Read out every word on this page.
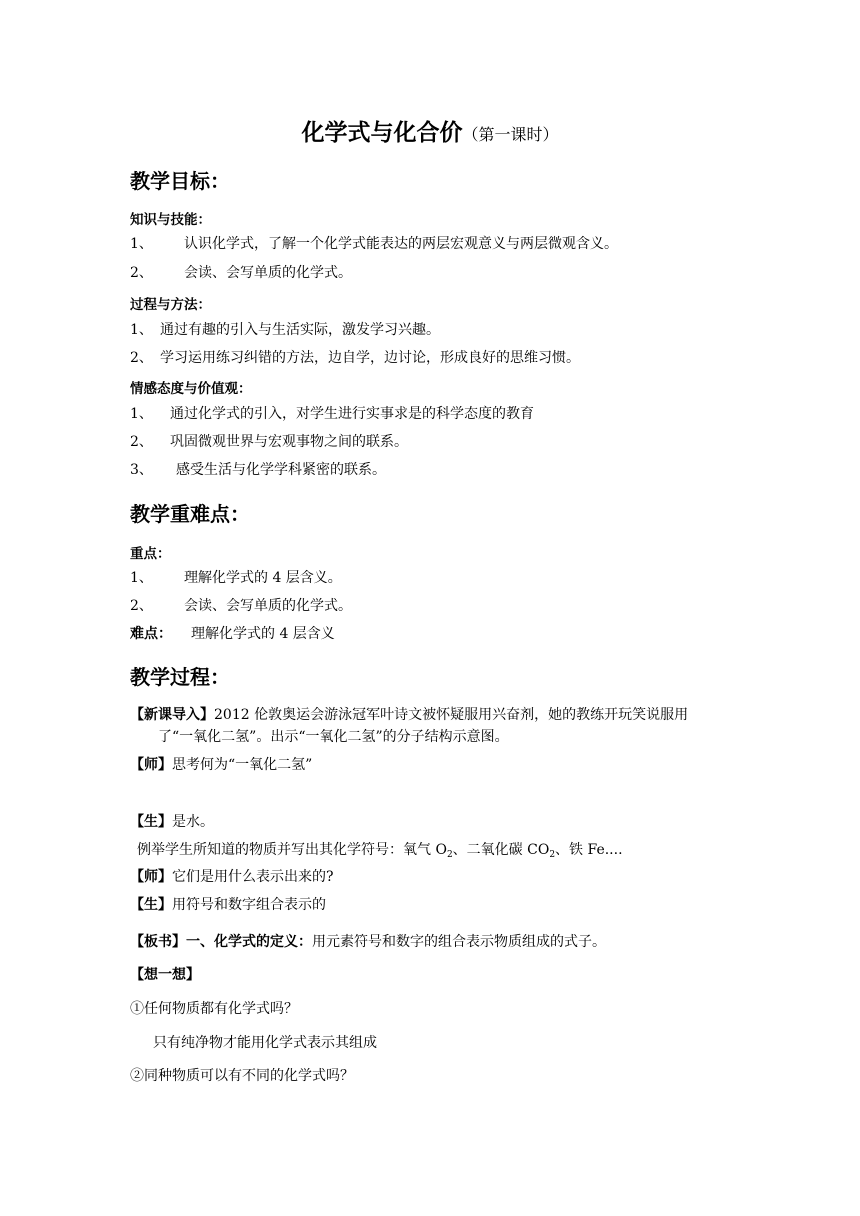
化学式与化合价（第一课时）
教学目标：
知识与技能：
1、 认识化学式，了解一个化学式能表达的两层宏观意义与两层微观含义。
2、 会读、会写单质的化学式。
过程与方法：
1、 通过有趣的引入与生活实际，激发学习兴趣。
2、 学习运用练习纠错的方法，边自学，边讨论，形成良好的思维习惯。
情感态度与价值观：
1、 通过化学式的引入，对学生进行实事求是的科学态度的教育
2、 巩固微观世界与宏观事物之间的联系。
3、 感受生活与化学学科紧密的联系。
教学重难点：
重点：
1、 理解化学式的 4 层含义。
2、 会读、会写单质的化学式。
难点： 理解化学式的 4 层含义
教学过程：
【新课导入】2012 伦敦奥运会游泳冠军叶诗文被怀疑服用兴奋剂，她的教练开玩笑说服用
了“一氧化二氢”。出示“一氧化二氢”的分子结构示意图。
【师】思考何为“一氧化二氢”
【生】是水。
例举学生所知道的物质并写出其化学符号：氧气 $O_2$、二氧化碳 $CO_2$、铁 Fe....
【师】它们是用什么表示出来的?
【生】用符号和数字组合表示的
【板书】一、化学式的定义：用元素符号和数字的组合表示物质组成的式子。
【想一想】
①任何物质都有化学式吗？
只有纯净物才能用化学式表示其组成
②同种物质可以有不同的化学式吗？
